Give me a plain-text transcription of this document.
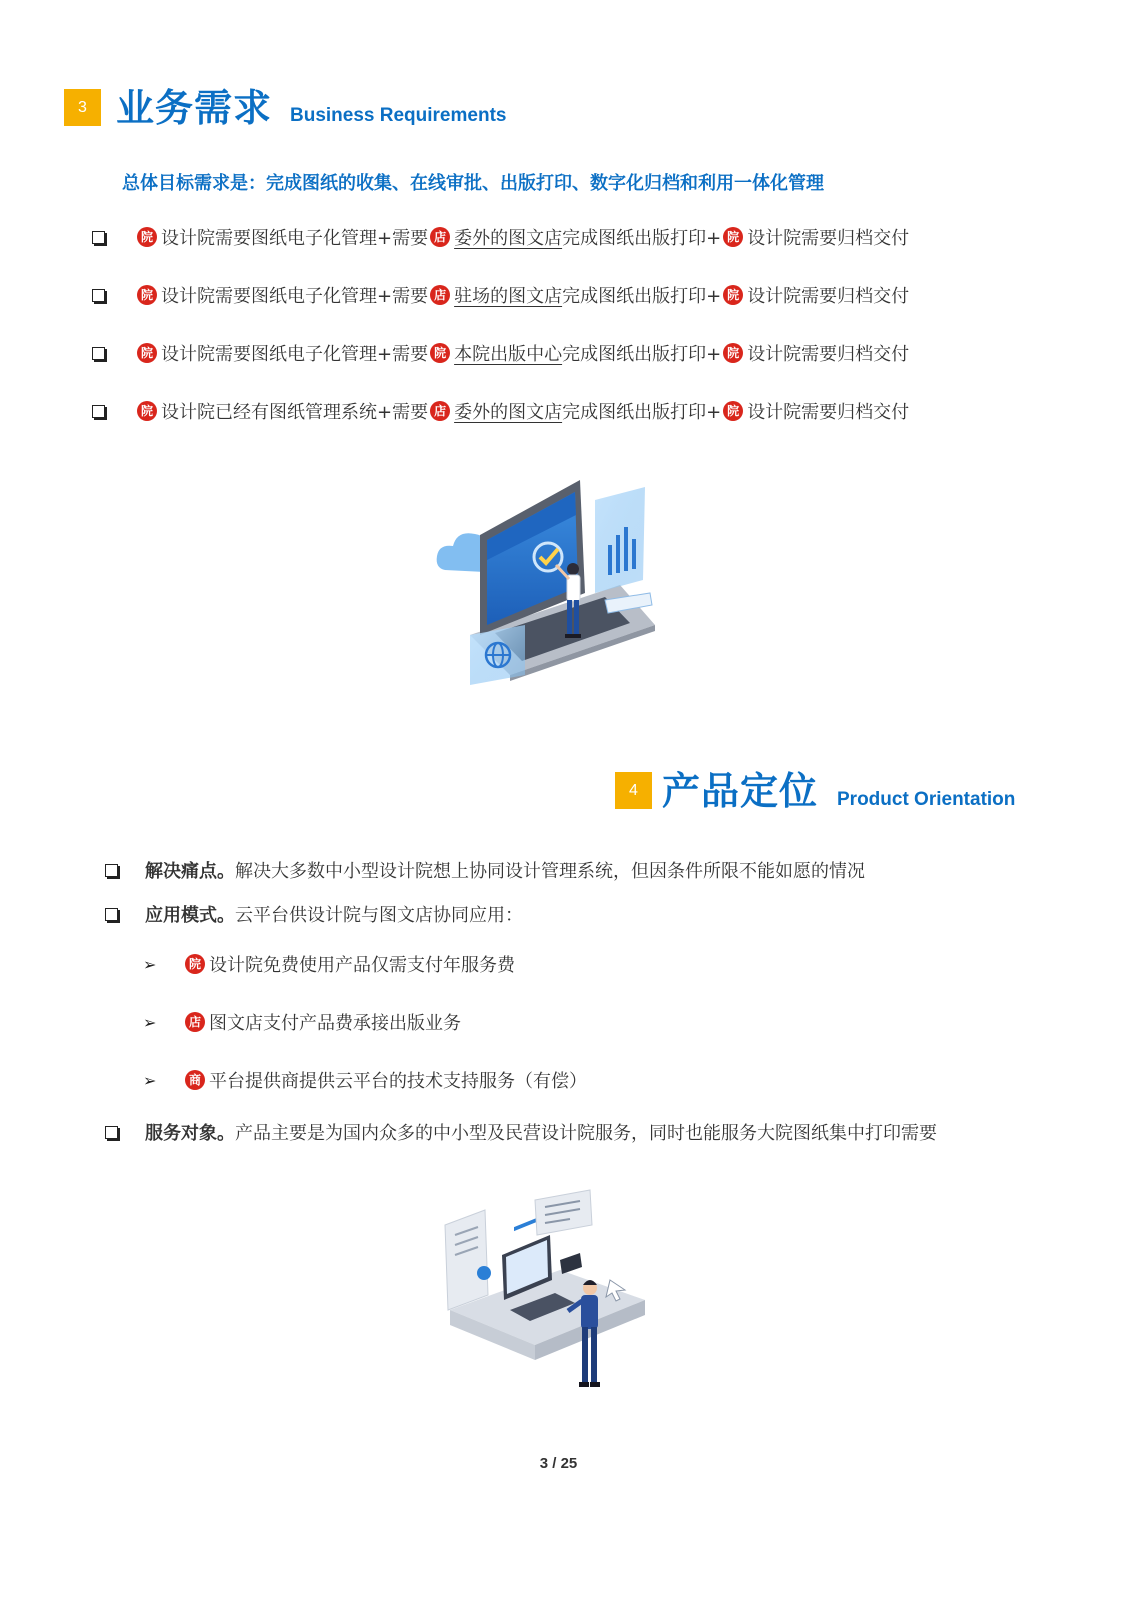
3 业务需求 Business Requirements
总体目标需求是：完成图纸的收集、在线审批、出版打印、数字化归档和利用一体化管理
院 设计院需要图纸电子化管理+需要 店 委外的图文店 完成图纸出版打印+ 院 设计院需要归档交付
院 设计院需要图纸电子化管理+需要 店 驻场的图文店 完成图纸出版打印+ 院 设计院需要归档交付
院 设计院需要图纸电子化管理+需要 院 本院出版中心 完成图纸出版打印+ 院 设计院需要归档交付
院 设计院已经有图纸管理系统+需要 店 委外的图文店 完成图纸出版打印+ 院 设计院需要归档交付
4 产品定位 Product Orientation
解决痛点。 解决大多数中小型设计院想上协同设计管理系统，但因条件所限不能如愿的情况
应用模式。 云平台供设计院与图文店协同应用：
➢	院 设计院免费使用产品仅需支付年服务费
➢	店 图文店支付产品费承接出版业务
➢	商 平台提供商提供云平台的技术支持服务（有偿）
服务对象。 产品主要是为国内众多的中小型及民营设计院服务，同时也能服务大院图纸集中打印需要
3 / 25
